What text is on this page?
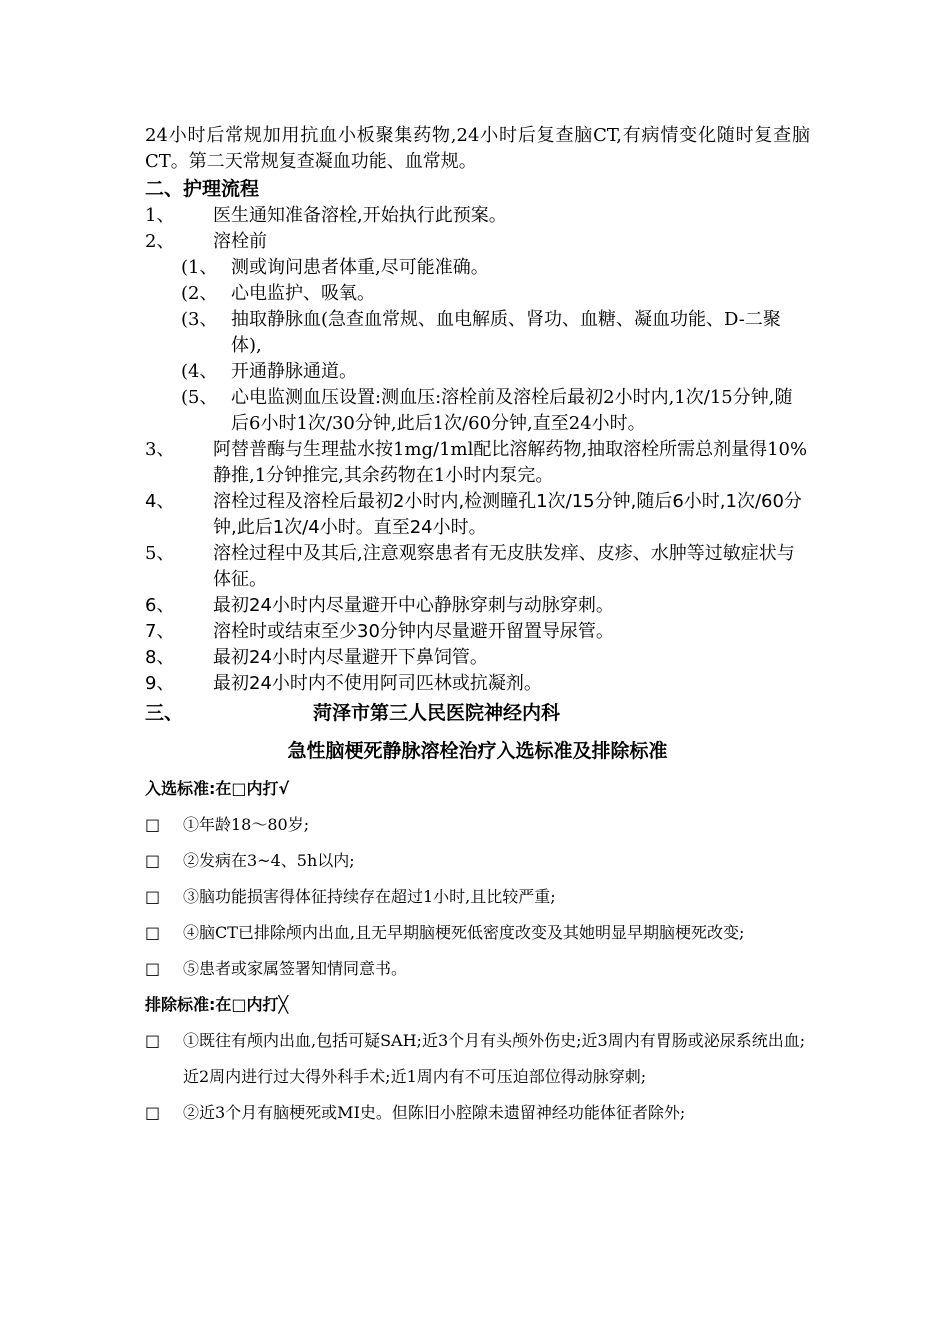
24小时后常规加用抗血小板聚集药物,24小时后复查脑CT,有病情变化随时复查脑CT。第二天常规复查凝血功能、血常规。

二、护理流程

1、	医生通知准备溶栓,开始执行此预案。
2、	溶栓前
(1、 测或询问患者体重,尽可能准确。
(2、 心电监护、吸氧。
(3、 抽取静脉血(急查血常规、血电解质、肾功、血糖、凝血功能、D-二聚体),
(4、 开通静脉通道。
(5、 心电监测血压设置:测血压:溶栓前及溶栓后最初2小时内,1次/15分钟,随后6小时1次/30分钟,此后1次/60分钟,直至24小时。
3、	阿替普酶与生理盐水按1mg/1ml配比溶解药物,抽取溶栓所需总剂量得10%静推,1分钟推完,其余药物在1小时内泵完。
4、	溶栓过程及溶栓后最初2小时内,检测瞳孔1次/15分钟,随后6小时,1次/60分钟,此后1次/4小时。直至24小时。
5、	溶栓过程中及其后,注意观察患者有无皮肤发痒、皮疹、水肿等过敏症状与体征。
6、	最初24小时内尽量避开中心静脉穿刺与动脉穿刺。
7、	溶栓时或结束至少30分钟内尽量避开留置导尿管。
8、	最初24小时内尽量避开下鼻饲管。
9、	最初24小时内不使用阿司匹林或抗凝剂。
三、	菏泽市第三人民医院神经内科
急性脑梗死静脉溶栓治疗入选标准及排除标准

入选标准:在□内打√

□	①年龄18～80岁;
□	②发病在3~4、5h以内;
□	③脑功能损害得体征持续存在超过1小时,且比较严重;
□	④脑CT已排除颅内出血,且无早期脑梗死低密度改变及其她明显早期脑梗死改变;
□	⑤患者或家属签署知情同意书。

排除标准:在□内打╳

□	①既往有颅内出血,包括可疑SAH;近3个月有头颅外伤史;近3周内有胃肠或泌尿系统出血;近2周内进行过大得外科手术;近1周内有不可压迫部位得动脉穿刺;
□	②近3个月有脑梗死或MI史。但陈旧小腔隙未遗留神经功能体征者除外;
